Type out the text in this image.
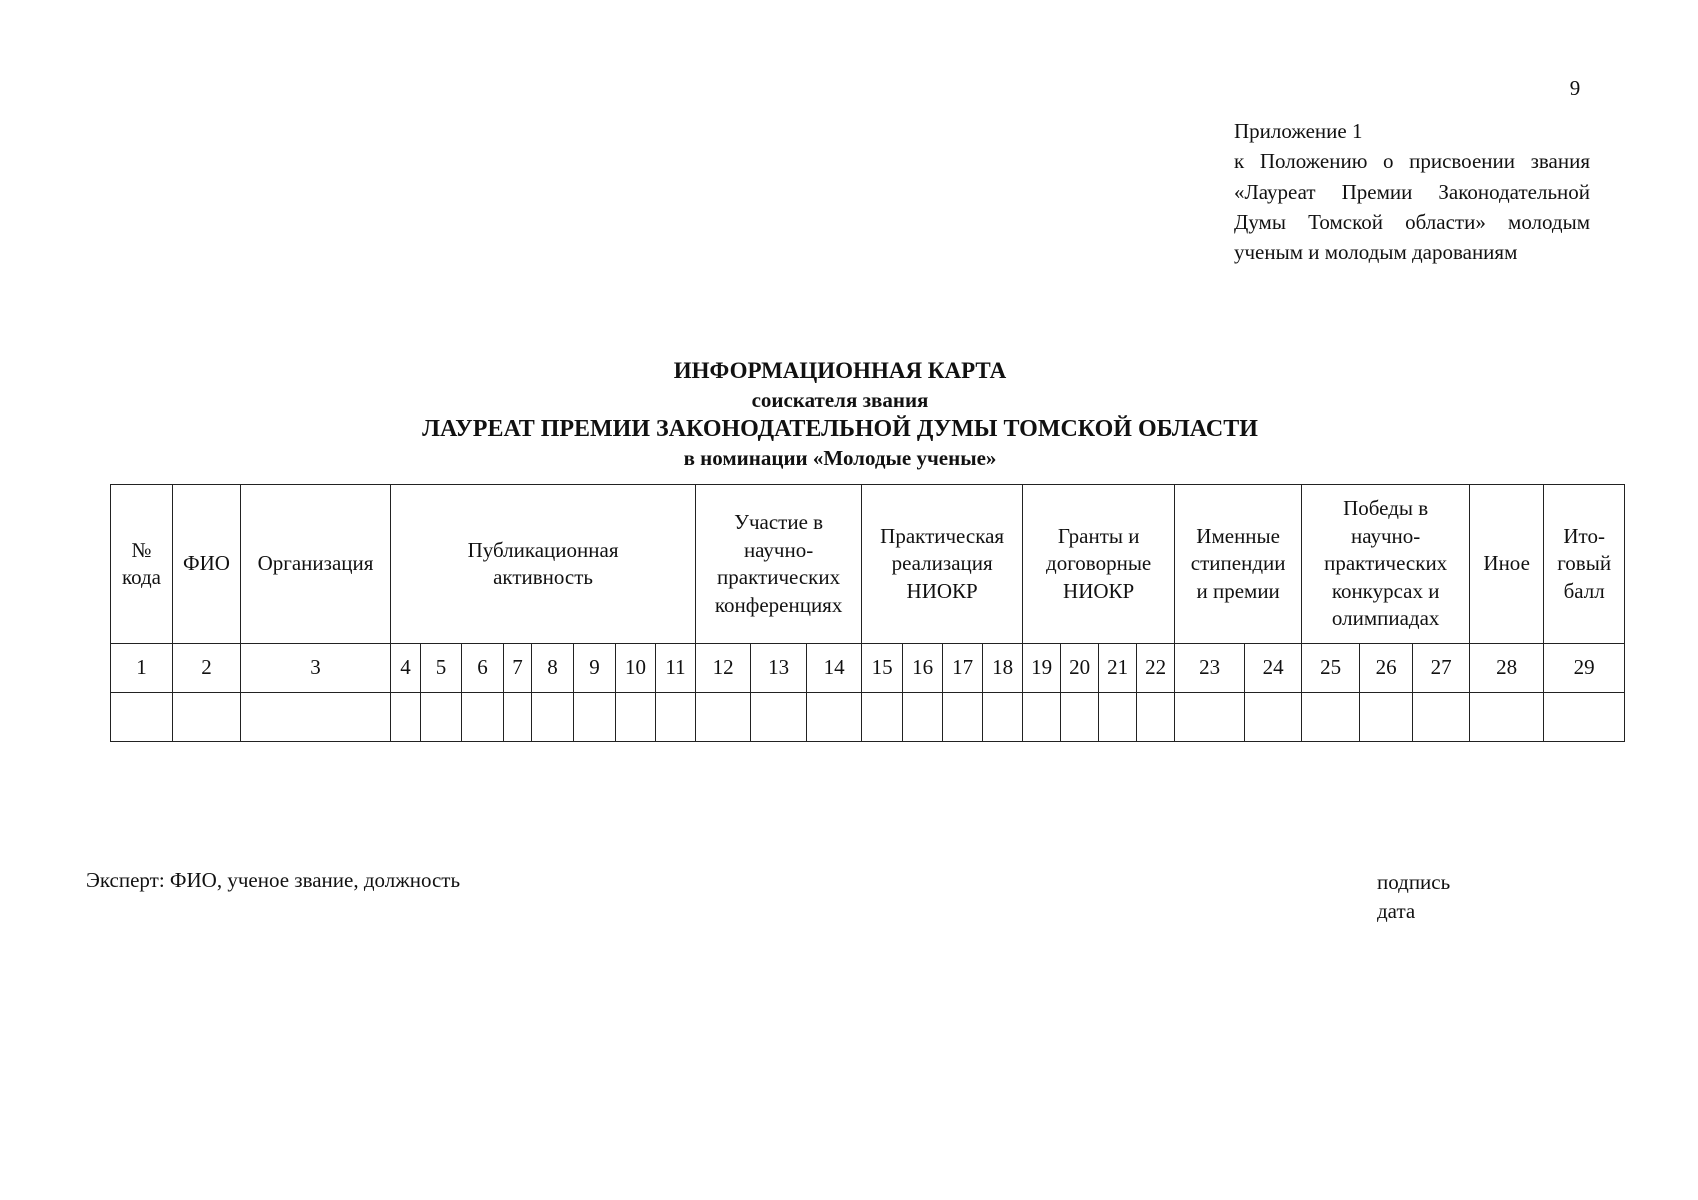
9
Приложение 1
к Положению о присвоении звания «Лауреат Премии Законодательной Думы Томской области» молодым ученым и молодым дарованиям
ИНФОРМАЦИОННАЯ КАРТА
соискателя звания
ЛАУРЕАТ ПРЕМИИ ЗАКОНОДАТЕЛЬНОЙ ДУМЫ ТОМСКОЙ ОБЛАСТИ
в номинации «Молодые ученые»
№ кода	ФИО	Организация	Публикационная активность								Участие в научно-практических конференциях			Практическая реализация НИОКР				Гранты и договорные НИОКР				Именные стипендии и премии		Победы в научно-практических конкурсах и олимпиадах			Иное	Ито-говый балл
1	2	3	4	5	6	7	8	9	10	11	12	13	14	15	16	17	18	19	20	21	22	23	24	25	26	27	28	29

Эксперт: ФИО, ученое звание, должность	подпись
дата
